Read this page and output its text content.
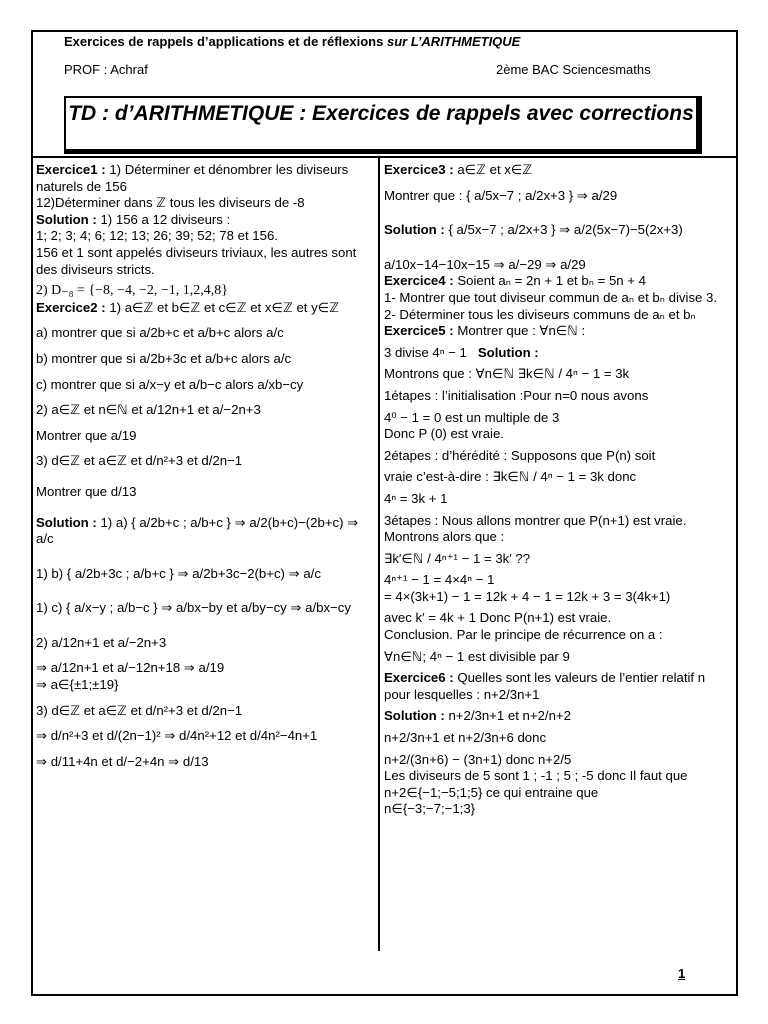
Exercices de rappels d’applications et de réflexions sur L’ARITHMETIQUE
PROF : Achraf	2ème BAC Sciencesmaths
TD : d’ARITHMETIQUE : Exercices de rappels avec corrections

Exercice1 : 1) Déterminer et dénombrer les diviseurs naturels de 156

12)Déterminer dans ℤ tous les diviseurs de -8

Solution : 1) 156 a 12 diviseurs :

1; 2; 3; 4; 6; 12; 13; 26; 39; 52; 78 et 156.

156 et 1 sont appelés diviseurs triviaux, les autres sont des diviseurs stricts.

2) D₋₈ = {−8, −4, −2, −1, 1,2,4,8}

Exercice2 : 1) a∈ℤ et b∈ℤ et c∈ℤ et x∈ℤ et y∈ℤ

a) montrer que si a/2b+c et a/b+c alors a/c

b) montrer que si a/2b+3c et a/b+c alors a/c

c) montrer que si a/x−y et a/b−c alors a/xb−cy

2) a∈ℤ et n∈ℕ et a/12n+1 et a/−2n+3

Montrer que a/19

3) d∈ℤ et a∈ℤ et d/n²+3 et d/2n−1

Montrer que d/13

Solution : 1) a) { a/2b+c ; a/b+c } ⇒ a/2(b+c)−(2b+c) ⇒ a/c

1) b) { a/2b+3c ; a/b+c } ⇒ a/2b+3c−2(b+c) ⇒ a/c

1) c) { a/x−y ; a/b−c } ⇒ a/bx−by et a/by−cy ⇒ a/bx−cy

2) a/12n+1 et a/−2n+3

⇒ a/12n+1 et a/−12n+18 ⇒ a/19

⇒ a∈{±1;±19}

3) d∈ℤ et a∈ℤ et d/n²+3 et d/2n−1

⇒ d/n²+3 et d/(2n−1)² ⇒ d/4n²+12 et d/4n²−4n+1

⇒ d/11+4n et d/−2+4n ⇒ d/13

Exercice3 : a∈ℤ et x∈ℤ

Montrer que : { a/5x−7 ; a/2x+3 } ⇒ a/29

Solution : { a/5x−7 ; a/2x+3 } ⇒ a/2(5x−7)−5(2x+3)

a/10x−14−10x−15 ⇒ a/−29 ⇒ a/29

Exercice4 : Soient aₙ = 2n + 1 et bₙ = 5n + 4

1- Montrer que tout diviseur commun de aₙ et bₙ divise 3.

2- Déterminer tous les diviseurs communs de aₙ et bₙ

Exercice5 : Montrer que : ∀n∈ℕ :

3 divise 4ⁿ − 1 Solution :

Montrons que : ∀n∈ℕ ∃k∈ℕ / 4ⁿ − 1 = 3k

1étapes : l’initialisation :Pour n=0 nous avons

4⁰ − 1 = 0 est un multiple de 3

Donc P (0) est vraie.

2étapes : d’hérédité : Supposons que P(n) soit

vraie c’est-à-dire : ∃k∈ℕ / 4ⁿ − 1 = 3k donc

4ⁿ = 3k + 1

3étapes : Nous allons montrer que P(n+1) est vraie. Montrons alors que :

∃k′∈ℕ / 4ⁿ⁺¹ − 1 = 3k′ ??

4ⁿ⁺¹ − 1 = 4×4ⁿ − 1

= 4×(3k+1) − 1 = 12k + 4 − 1 = 12k + 3 = 3(4k+1)

avec k′ = 4k + 1 Donc P(n+1) est vraie.

Conclusion. Par le principe de récurrence on a :

∀n∈ℕ; 4ⁿ − 1 est divisible par 9

Exercice6 : Quelles sont les valeurs de l’entier relatif n pour lesquelles : n+2/3n+1

Solution : n+2/3n+1 et n+2/n+2

n+2/3n+1 et n+2/3n+6 donc

n+2/(3n+6) − (3n+1) donc n+2/5

Les diviseurs de 5 sont 1 ; -1 ; 5 ; -5 donc Il faut que n+2∈{−1;−5;1;5} ce qui entraine que

n∈{−3;−7;−1;3}

1
